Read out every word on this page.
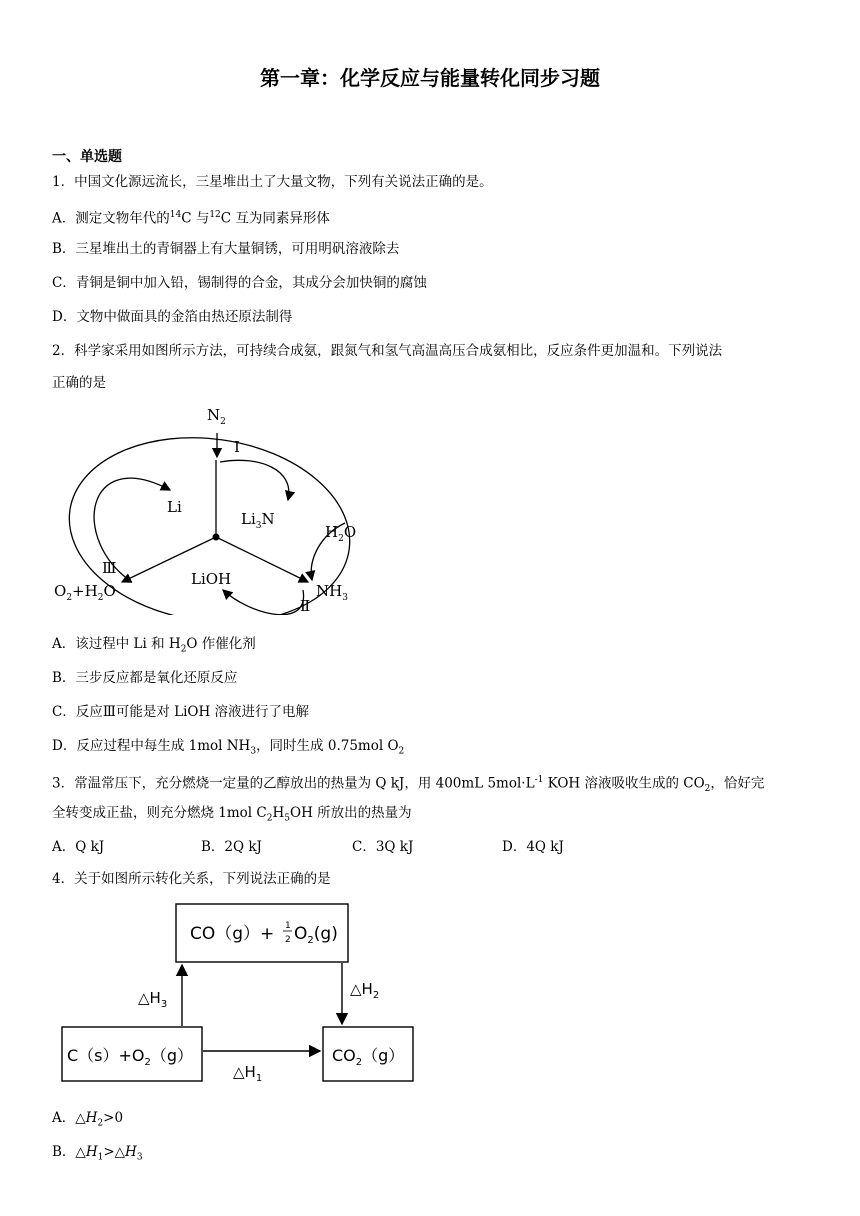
第一章：化学反应与能量转化同步习题
一、单选题
1．中国文化源远流长，三星堆出土了大量文物，下列有关说法正确的是。
A．测定文物年代的$^{14}$C 与$^{12}$C 互为同素异形体
B．三星堆出土的青铜器上有大量铜锈，可用明矾溶液除去
C．青铜是铜中加入铅，锡制得的合金，其成分会加快铜的腐蚀
D．文物中做面具的金箔由热还原法制得
2．科学家采用如图所示方法，可持续合成氨，跟氮气和氢气高温高压合成氨相比，反应条件更加温和。下列说法
正确的是
$N_2$
I
Li
$Li_3N$
$H_2O$
Ⅲ
$O_2+H_2O$
LiOH
$NH_3$
Ⅱ
A．该过程中 Li 和 $H_2O$ 作催化剂
B．三步反应都是氧化还原反应
C．反应Ⅲ可能是对 LiOH 溶液进行了电解
D．反应过程中每生成 1mol $NH_3$，同时生成 0.75mol $O_2$
3．常温常压下，充分燃烧一定量的乙醇放出的热量为 Q kJ，用 400mL $5mol\cdot L^{-1}$ KOH 溶液吸收生成的 $CO_2$，恰好完
全转变成正盐，则充分燃烧 1mol $C_2H_5OH$ 所放出的热量为
A．Q kJ	B．2Q kJ	C．3Q kJ	D．4Q kJ
4．关于如图所示转化关系，下列说法正确的是
CO（g）+ 1
2 $O_2(g)$
$\triangle H_3$
$\triangle H_2$
$C(s)+O_2(g)$
$\triangle H_1$
$CO_2(g)$
A．$\triangle H_2>0$
B．$\triangle H_1>\triangle H_3$
